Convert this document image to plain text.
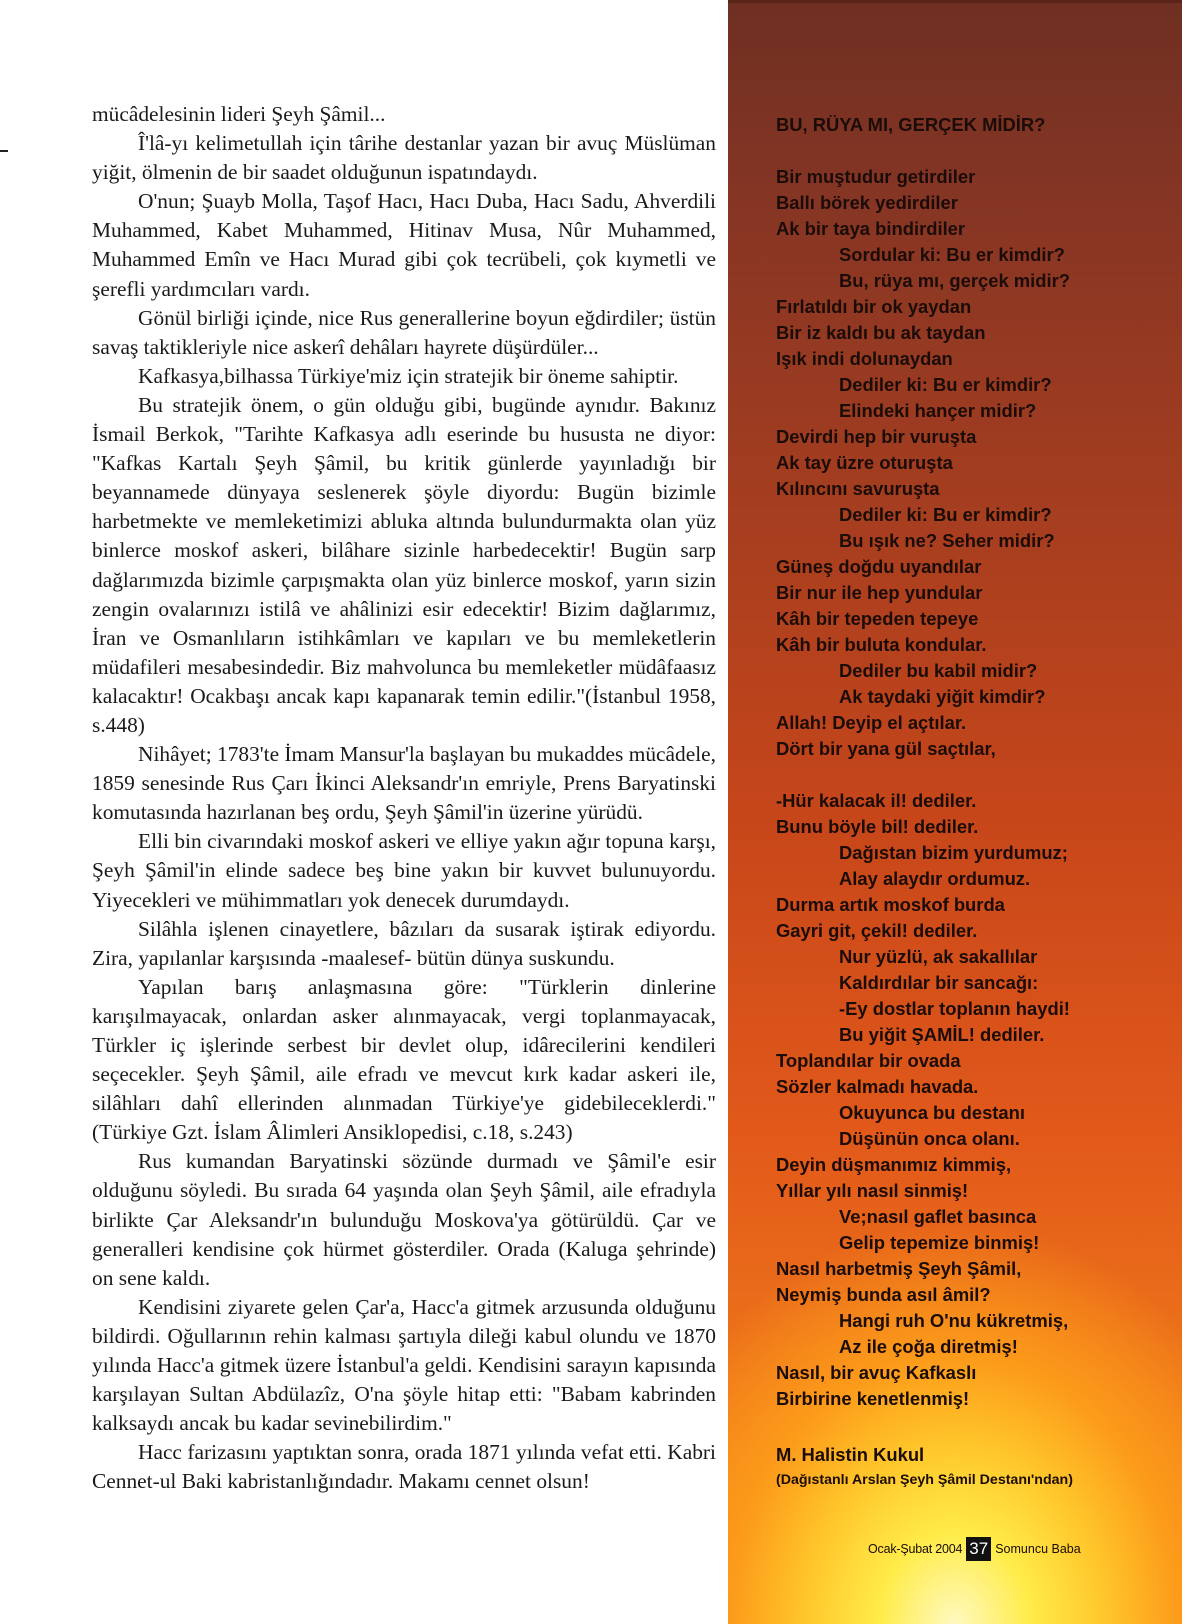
mücâdelesinin lideri Şeyh Şâmil...

Î'lâ-yı kelimetullah için târihe destanlar yazan bir avuç Müslüman yiğit, ölmenin de bir saadet olduğunun ispatındaydı.

O'nun; Şuayb Molla, Taşof Hacı, Hacı Duba, Hacı Sadu, Ahverdili Muhammed, Kabet Muhammed, Hitinav Musa, Nûr Muhammed, Muhammed Emîn ve Hacı Murad gibi çok tecrübeli, çok kıymetli ve şerefli yardımcıları vardı.

Gönül birliği içinde, nice Rus generallerine boyun eğdirdiler; üstün savaş taktikleriyle nice askerî dehâları hayrete düşürdüler...

Kafkasya,bilhassa Türkiye'miz için stratejik bir öneme sahiptir.

Bu stratejik önem, o gün olduğu gibi, bugünde aynıdır. Bakınız İsmail Berkok, "Tarihte Kafkasya adlı eserinde bu hususta ne diyor: "Kafkas Kartalı Şeyh Şâmil, bu kritik günlerde yayınladığı bir beyannamede dünyaya seslenerek şöyle diyordu: Bugün bizimle harbetmekte ve memleketimizi abluka altında bulundurmakta olan yüz binlerce moskof askeri, bilâhare sizinle harbedecektir! Bugün sarp dağlarımızda bizimle çarpışmakta olan yüz binlerce moskof, yarın sizin zengin ovalarınızı istilâ ve ahâlinizi esir edecektir! Bizim dağlarımız, İran ve Osmanlıların istihkâmları ve kapıları ve bu memleketlerin müdafileri mesabesindedir. Biz mahvolunca bu memleketler müdâfaasız kalacaktır! Ocakbaşı ancak kapı kapanarak temin edilir."(İstanbul 1958, s.448)

Nihâyet; 1783'te İmam Mansur'la başlayan bu mukaddes mücâdele, 1859 senesinde Rus Çarı İkinci Aleksandr'ın emriyle, Prens Baryatinski komutasında hazırlanan beş ordu, Şeyh Şâmil'in üzerine yürüdü.

Elli bin civarındaki moskof askeri ve elliye yakın ağır topuna karşı, Şeyh Şâmil'in elinde sadece beş bine yakın bir kuvvet bulunuyordu. Yiyecekleri ve mühimmatları yok denecek durumdaydı.

Silâhla işlenen cinayetlere, bâzıları da susarak iştirak ediyordu. Zira, yapılanlar karşısında -maalesef- bütün dünya suskundu.

Yapılan barış anlaşmasına göre: "Türklerin dinlerine karışılmayacak, onlardan asker alınmayacak, vergi toplanmayacak, Türkler iç işlerinde serbest bir devlet olup, idârecilerini kendileri seçecekler. Şeyh Şâmil, aile efradı ve mevcut kırk kadar askeri ile, silâhları dahî ellerinden alınmadan Türkiye'ye gidebileceklerdi." (Türkiye Gzt. İslam Âlimleri Ansiklopedisi, c.18, s.243)

Rus kumandan Baryatinski sözünde durmadı ve Şâmil'e esir olduğunu söyledi. Bu sırada 64 yaşında olan Şeyh Şâmil, aile efradıyla birlikte Çar Aleksandr'ın bulunduğu Moskova'ya götürüldü. Çar ve generalleri kendisine çok hürmet gösterdiler. Orada (Kaluga şehrinde) on sene kaldı.

Kendisini ziyarete gelen Çar'a, Hacc'a gitmek arzusunda olduğunu bildirdi. Oğullarının rehin kalması şartıyla dileği kabul olundu ve 1870 yılında Hacc'a gitmek üzere İstanbul'a geldi. Kendisini sarayın kapısında karşılayan Sultan Abdülazîz, O'na şöyle hitap etti: "Babam kabrinden kalksaydı ancak bu kadar sevinebilirdim."

Hacc farizasını yaptıktan sonra, orada 1871 yılında vefat etti. Kabri Cennet-ul Baki kabristanlığındadır. Makamı cennet olsun!

BU, RÜYA MI, GERÇEK MİDİR?
Bir muştudur getirdiler
Ballı börek yedirdiler
Ak bir taya bindirdiler
Sordular ki: Bu er kimdir?
Bu, rüya mı, gerçek midir?
Fırlatıldı bir ok yaydan
Bir iz kaldı bu ak taydan
Işık indi dolunaydan
Dediler ki: Bu er kimdir?
Elindeki hançer midir?
Devirdi hep bir vuruşta
Ak tay üzre oturuşta
Kılıncını savuruşta
Dediler ki: Bu er kimdir?
Bu ışık ne? Seher midir?
Güneş doğdu uyandılar
Bir nur ile hep yundular
Kâh bir tepeden tepeye
Kâh bir buluta kondular.
Dediler bu kabil midir?
Ak taydaki yiğit kimdir?
Allah! Deyip el açtılar.
Dört bir yana gül saçtılar,
-Hür kalacak il! dediler.
Bunu böyle bil! dediler.
Dağıstan bizim yurdumuz;
Alay alaydır ordumuz.
Durma artık moskof burda
Gayri git, çekil! dediler.
Nur yüzlü, ak sakallılar
Kaldırdılar bir sancağı:
-Ey dostlar toplanın haydi!
Bu yiğit ŞAMİL! dediler.
Toplandılar bir ovada
Sözler kalmadı havada.
Okuyunca bu destanı
Düşünün onca olanı.
Deyin düşmanımız kimmiş,
Yıllar yılı nasıl sinmiş!
Ve;nasıl gaflet basınca
Gelip tepemize binmiş!
Nasıl harbetmiş Şeyh Şâmil,
Neymiş bunda asıl âmil?
Hangi ruh O'nu kükretmiş,
Az ile çoğa diretmiş!
Nasıl, bir avuç Kafkaslı
Birbirine kenetlenmiş!
M. Halistin Kukul
(Dağıstanlı Arslan Şeyh Şâmil Destanı'ndan)
Ocak-Şubat 2004 37 Somuncu Baba
